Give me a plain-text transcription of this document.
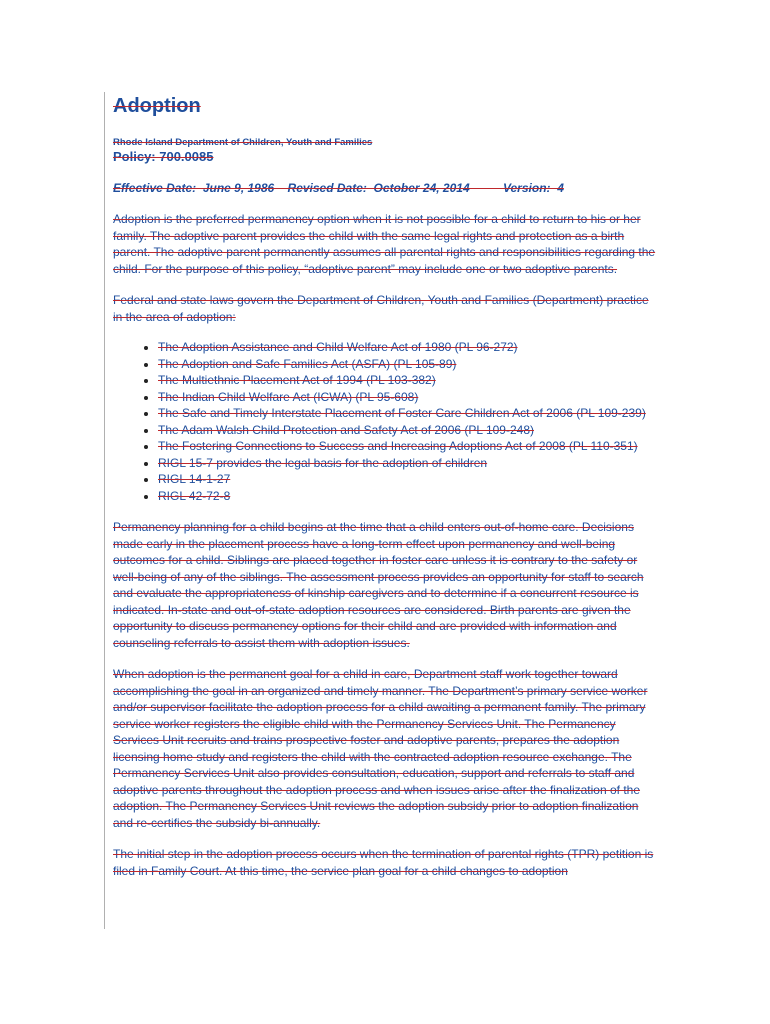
Adoption
Rhode Island Department of Children, Youth and Families
Policy: 700.0085
Effective Date:  June 9, 1986    Revised Date:  October 24, 2014          Version:  4

Adoption is the preferred permanency option when it is not possible for a child to return to his or her family. The adoptive parent provides the child with the same legal rights and protection as a birth parent. The adoptive parent permanently assumes all parental rights and responsibilities regarding the child. For the purpose of this policy, “adoptive parent” may include one or two adoptive parents.

Federal and state laws govern the Department of Children, Youth and Families (Department) practice in the area of adoption:

• The Adoption Assistance and Child Welfare Act of 1980 (PL 96-272)
• The Adoption and Safe Families Act (ASFA) (PL 105-89)
• The Multiethnic Placement Act of 1994 (PL 103-382)
• The Indian Child Welfare Act (ICWA) (PL 95-608)
• The Safe and Timely Interstate Placement of Foster Care Children Act of 2006 (PL 109-239)
• The Adam Walsh Child Protection and Safety Act of 2006 (PL 109-248)
• The Fostering Connections to Success and Increasing Adoptions Act of 2008 (PL 110-351)
• RIGL 15-7 provides the legal basis for the adoption of children
• RIGL 14-1-27
• RIGL 42-72-8

Permanency planning for a child begins at the time that a child enters out-of-home care. Decisions made early in the placement process have a long-term effect upon permanency and well-being outcomes for a child. Siblings are placed together in foster care unless it is contrary to the safety or well-being of any of the siblings. The assessment process provides an opportunity for staff to search and evaluate the appropriateness of kinship caregivers and to determine if a concurrent resource is indicated. In-state and out-of-state adoption resources are considered. Birth parents are given the opportunity to discuss permanency options for their child and are provided with information and counseling referrals to assist them with adoption issues.

When adoption is the permanent goal for a child in care, Department staff work together toward accomplishing the goal in an organized and timely manner. The Department’s primary service worker and/or supervisor facilitate the adoption process for a child awaiting a permanent family. The primary service worker registers the eligible child with the Permanency Services Unit. The Permanency Services Unit recruits and trains prospective foster and adoptive parents, prepares the adoption licensing home study and registers the child with the contracted adoption resource exchange. The Permanency Services Unit also provides consultation, education, support and referrals to staff and adoptive parents throughout the adoption process and when issues arise after the finalization of the adoption. The Permanency Services Unit reviews the adoption subsidy prior to adoption finalization and re-certifies the subsidy bi-annually.

The initial step in the adoption process occurs when the termination of parental rights (TPR) petition is filed in Family Court. At this time, the service plan goal for a child changes to adoption
